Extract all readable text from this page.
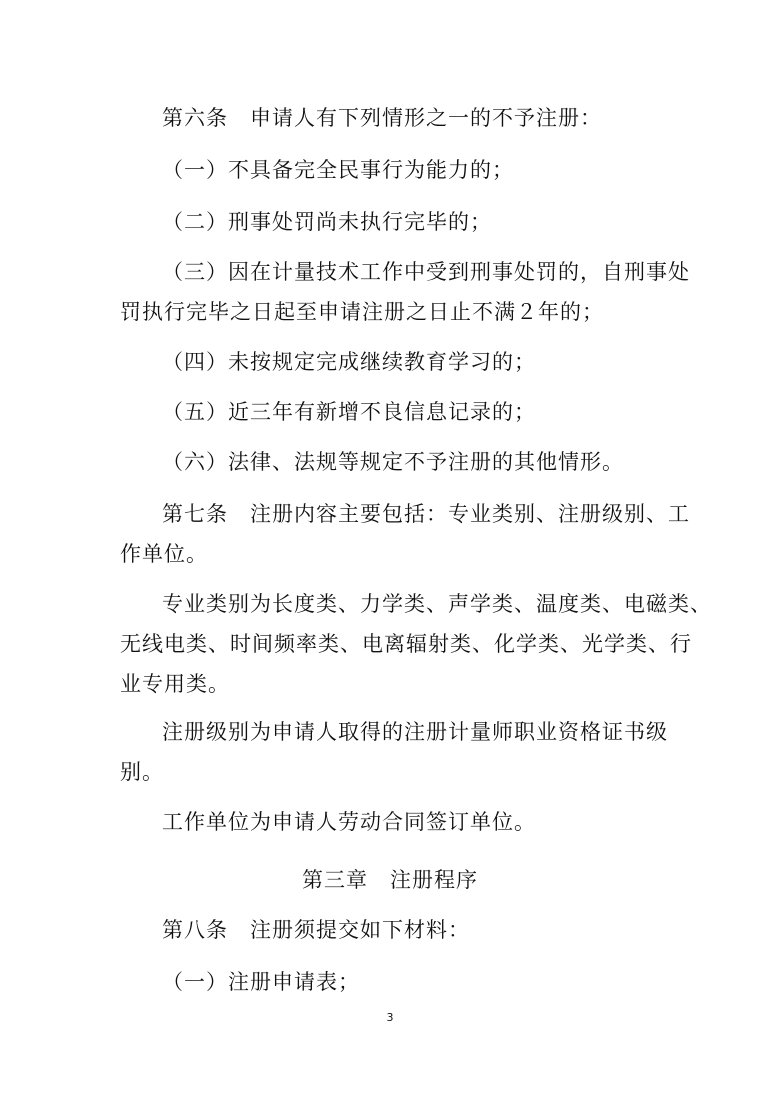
第六条　申请人有下列情形之一的不予注册：
（一）不具备完全民事行为能力的；
（二）刑事处罚尚未执行完毕的；
（三）因在计量技术工作中受到刑事处罚的，自刑事处
罚执行完毕之日起至申请注册之日止不满２年的；
（四）未按规定完成继续教育学习的；
（五）近三年有新增不良信息记录的；
（六）法律、法规等规定不予注册的其他情形。
第七条　注册内容主要包括：专业类别、注册级别、工
作单位。
专业类别为长度类、力学类、声学类、温度类、电磁类、
无线电类、时间频率类、电离辐射类、化学类、光学类、行
业专用类。
注册级别为申请人取得的注册计量师职业资格证书级
别。
工作单位为申请人劳动合同签订单位。
第三章　注册程序
第八条　注册须提交如下材料：
（一）注册申请表；
3
